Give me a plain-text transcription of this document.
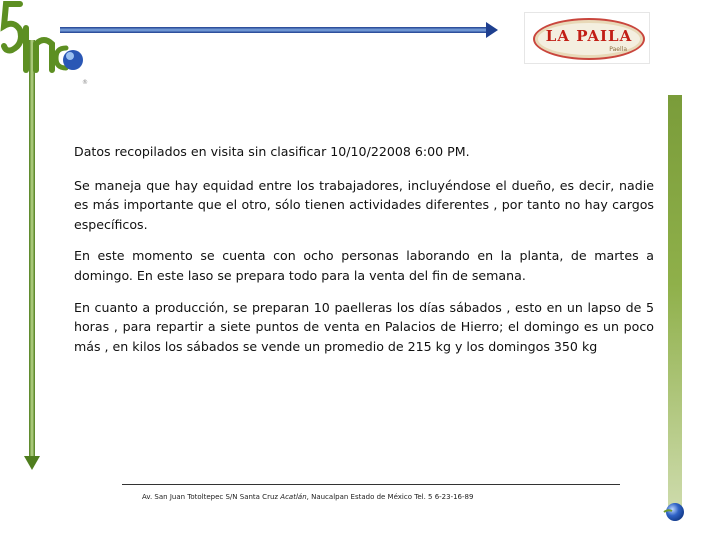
®
LA PAILA
Paella

Datos recopilados en visita sin clasificar 10/10/22008 6:00 PM.

Se maneja que hay equidad entre los trabajadores, incluyéndose el dueño, es decir, nadie es más importante que el otro, sólo tienen actividades diferentes , por tanto no hay cargos específicos.

En este momento se cuenta con ocho personas laborando en la planta, de martes a domingo. En este laso se prepara todo para la venta del fin de semana.

En cuanto a producción, se preparan 10 paelleras los días sábados , esto en un lapso de 5 horas , para repartir a siete puntos de venta en Palacios de Hierro; el domingo es un poco más , en kilos los sábados se vende un promedio de 215 kg y los domingos 350 kg

Av. San Juan Totoltepec S/N Santa Cruz Acatlán, Naucalpan Estado de México Tel. 5 6-23-16-89
